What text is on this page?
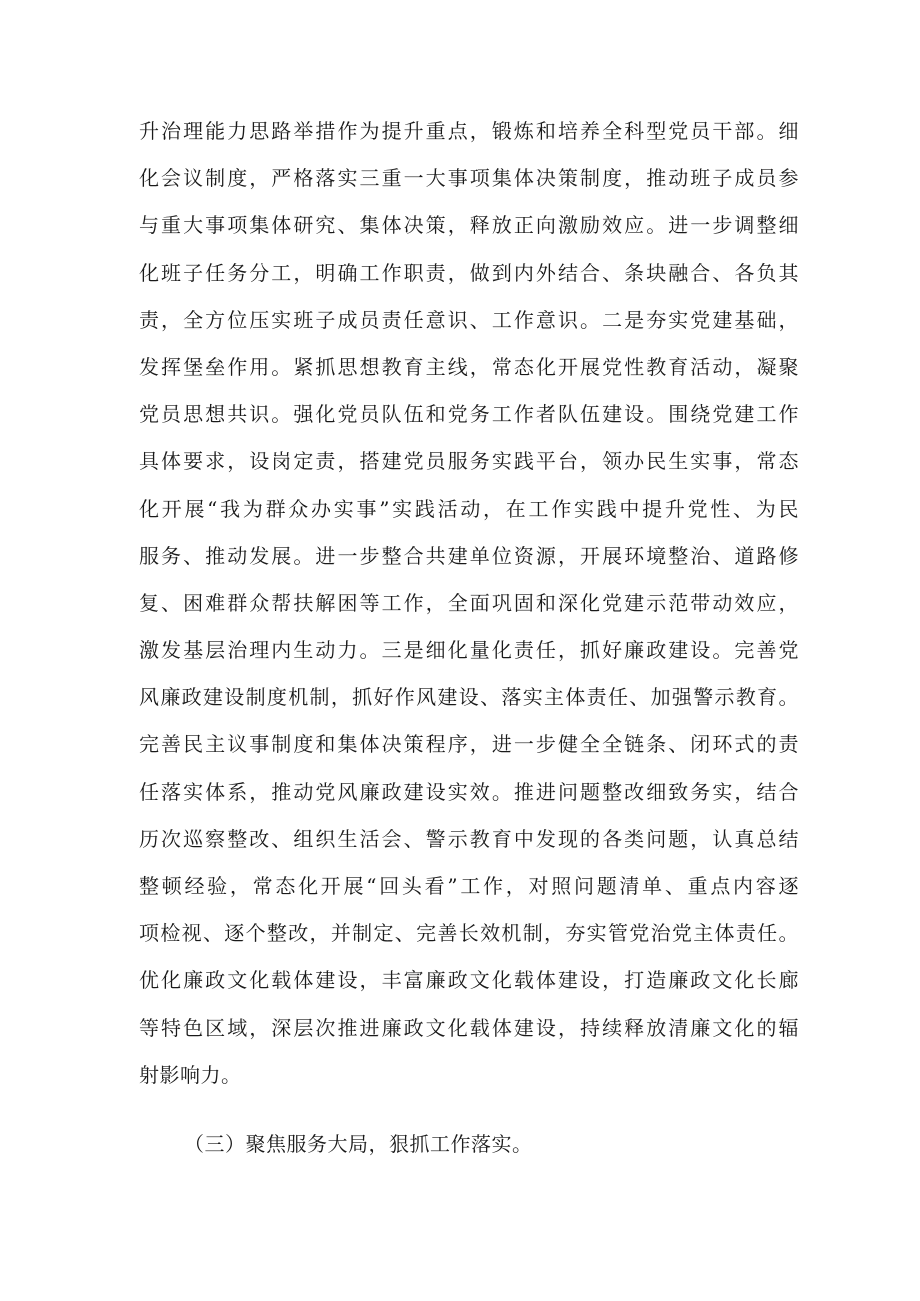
升治理能力思路举措作为提升重点，锻炼和培养全科型党员干部。细
化会议制度，严格落实三重一大事项集体决策制度，推动班子成员参
与重大事项集体研究、集体决策，释放正向激励效应。进一步调整细
化班子任务分工，明确工作职责，做到内外结合、条块融合、各负其
责，全方位压实班子成员责任意识、工作意识。二是夯实党建基础，
发挥堡垒作用。紧抓思想教育主线，常态化开展党性教育活动，凝聚
党员思想共识。强化党员队伍和党务工作者队伍建设。围绕党建工作
具体要求，设岗定责，搭建党员服务实践平台，领办民生实事，常态
化开展“我为群众办实事”实践活动，在工作实践中提升党性、为民
服务、推动发展。进一步整合共建单位资源，开展环境整治、道路修
复、困难群众帮扶解困等工作，全面巩固和深化党建示范带动效应，
激发基层治理内生动力。三是细化量化责任，抓好廉政建设。完善党
风廉政建设制度机制，抓好作风建设、落实主体责任、加强警示教育。
完善民主议事制度和集体决策程序，进一步健全全链条、闭环式的责
任落实体系，推动党风廉政建设实效。推进问题整改细致务实，结合
历次巡察整改、组织生活会、警示教育中发现的各类问题，认真总结
整顿经验，常态化开展“回头看”工作，对照问题清单、重点内容逐
项检视、逐个整改，并制定、完善长效机制，夯实管党治党主体责任。
优化廉政文化载体建设，丰富廉政文化载体建设，打造廉政文化长廊
等特色区域，深层次推进廉政文化载体建设，持续释放清廉文化的辐
射影响力。
（三）聚焦服务大局，狠抓工作落实。
